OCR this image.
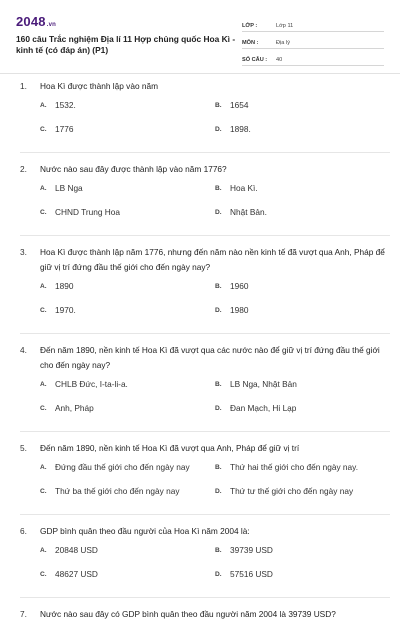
2048.vn
160 câu Trắc nghiệm Địa lí 11 Hợp chủng quốc Hoa Kì - kinh tế (có đáp án) (P1)
LỚP :	Lớp 11
MÔN :	Địa lý
SỐ CÂU :	40
1.	Hoa Kì được thành lập vào năm
A.	1532.	B.	1654
C.	1776	D.	1898.
2.	Nước nào sau đây được thành lập vào năm 1776?
A.	LB Nga	B.	Hoa Kì.
C.	CHND Trung Hoa	D.	Nhật Bản.
3.	Hoa Kì được thành lập năm 1776, nhưng đến năm nào nền kinh tế đã vượt qua Anh, Pháp để giữ vị trí đứng đầu thế giới cho đến ngày nay?
A.	1890	B.	1960
C.	1970.	D.	1980
4.	Đến năm 1890, nền kinh tế Hoa Kì đã vượt qua các nước nào để giữ vị trí đứng đầu thế giới cho đến ngày nay?
A.	CHLB Đức, I-ta-li-a.	B.	LB Nga, Nhật Bản
C.	Anh, Pháp	D.	Đan Mạch, Hi Lạp
5.	Đến năm 1890, nền kinh tế Hoa Kì đã vượt qua Anh, Pháp để giữ vị trí
A.	Đứng đầu thế giới cho đến ngày nay	B.	Thứ hai thế giới cho đến ngày nay.
C.	Thứ ba thế giới cho đến ngày nay	D.	Thứ tư thế giới cho đến ngày nay
6.	GDP bình quân theo đầu người của Hoa Kì năm 2004 là:
A.	20848 USD	B.	39739 USD
C.	48627 USD	D.	57516 USD
7.	Nước nào sau đây có GDP bình quân theo đầu người năm 2004 là 39739 USD?
